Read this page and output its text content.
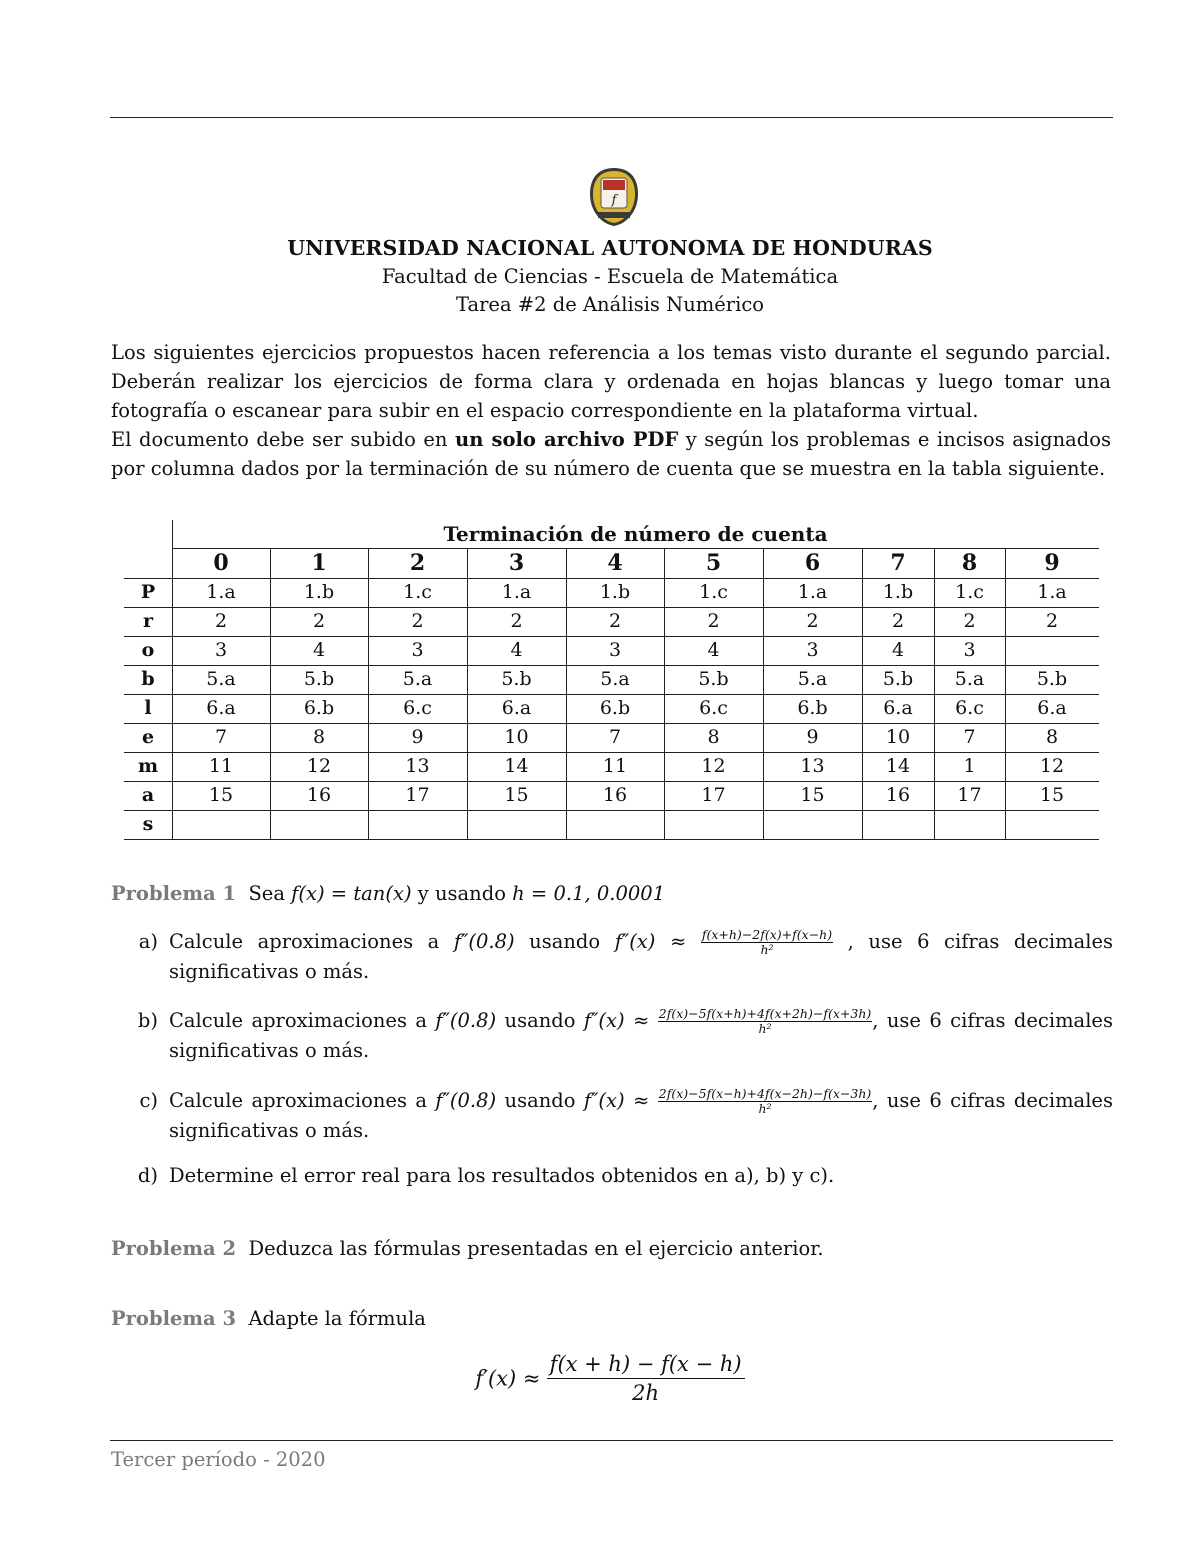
f
UNIVERSIDAD NACIONAL AUTONOMA DE HONDURAS
Facultad de Ciencias - Escuela de Matemática
Tarea #2 de Análisis Numérico

Los siguientes ejercicios propuestos hacen referencia a los temas visto durante el segundo parcial. Deberán realizar los ejercicios de forma clara y ordenada en hojas blancas y luego tomar una fotografía o escanear para subir en el espacio correspondiente en la plataforma virtual.

El documento debe ser subido en un solo archivo PDF y según los problemas e incisos asignados por columna dados por la terminación de su número de cuenta que se muestra en la tabla siguiente.

Terminación de número de cuenta
0	1	2	3	4	5	6	7	8	9
P	1.a	1.b	1.c	1.a	1.b	1.c	1.a	1.b	1.c	1.a
r	2	2	2	2	2	2	2	2	2	2
o	3	4	3	4	3	4	3	4	3
b	5.a	5.b	5.a	5.b	5.a	5.b	5.a	5.b	5.a	5.b
l	6.a	6.b	6.c	6.a	6.b	6.c	6.b	6.a	6.c	6.a
e	7	8	9	10	7	8	9	10	7	8
m	11	12	13	14	11	12	13	14	1	12
a	15	16	17	15	16	17	15	16	17	15
s
Problema 1 Sea f(x) = tan(x) y usando h = 0.1, 0.0001
a) Calcule aproximaciones a f″(0.8) usando $f''(x) \approx \frac{f(x+h)-2f(x)+f(x-h)}{\text{h²}}$ , use 6 cifras decimales significativas o más.
b) Calcule aproximaciones a f″(0.8) usando $f''(x) \approx \frac{2f(x)-5f(x+h)+4f(x+2h)-f(x+3h)}{\text{h²}}$ , use 6 cifras decimales significativas o más.
c) Calcule aproximaciones a f″(0.8) usando $f''(x) \approx \frac{2f(x)-5f(x-h)+4f(x-2h)-f(x-3h)}{\text{h²}}$ , use 6 cifras decimales significativas o más.
d) Determine el error real para los resultados obtenidos en a), b) y c).
Problema 2 Deduzca las fórmulas presentadas en el ejercicio anterior.
Problema 3 Adapte la fórmula
$f'(x) \approx \frac{f(x + h) - f(x - h)}{2h}$
Tercer período - 2020
